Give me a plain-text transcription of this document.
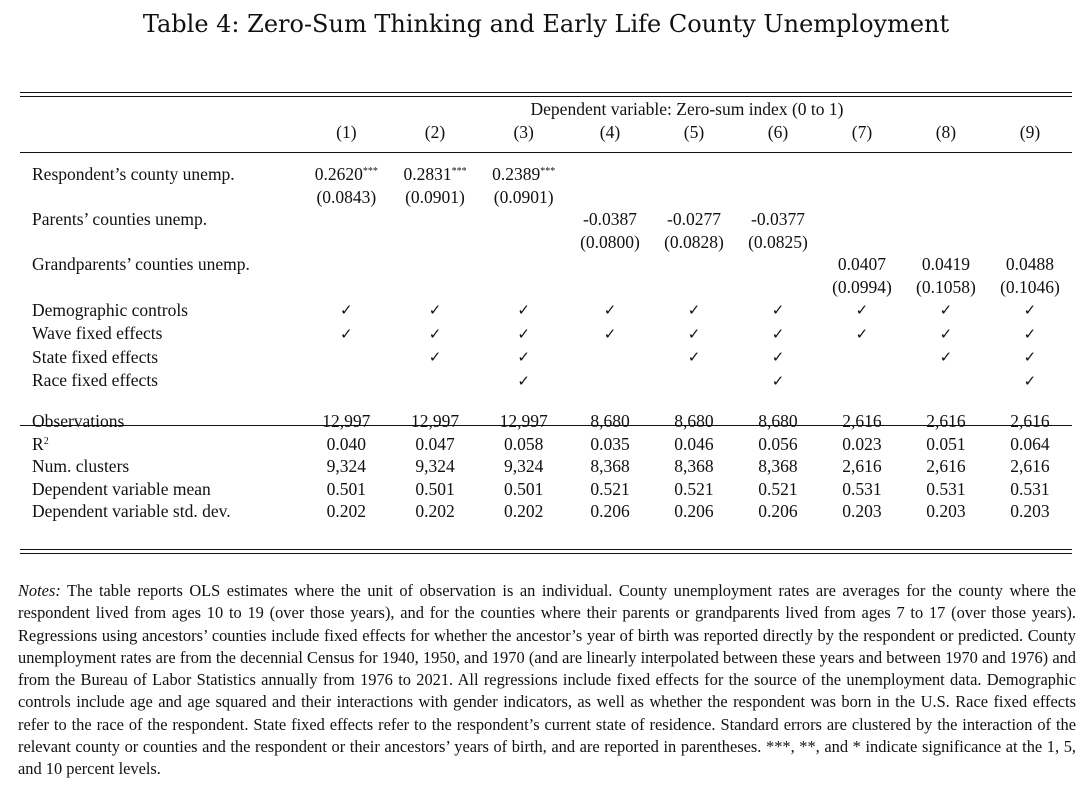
Table 4: Zero-Sum Thinking and Early Life County Unemployment
	Dependent variable: Zero-sum index (0 to 1)								
	(1)	(2)	(3)	(4)	(5)	(6)	(7)	(8)	(9)

Respondent’s county unemp.	0.2620***	0.2831***	0.2389***						
	(0.0843)	(0.0901)	(0.0901)						
Parents’ counties unemp.				-0.0387	-0.0277	-0.0377			
				(0.0800)	(0.0828)	(0.0825)			
Grandparents’ counties unemp.							0.0407	0.0419	0.0488
							(0.0994)	(0.1058)	(0.1046)
Demographic controls	✓	✓	✓	✓	✓	✓	✓	✓	✓
Wave fixed effects	✓	✓	✓	✓	✓	✓	✓	✓	✓
State fixed effects		✓	✓		✓	✓		✓	✓
Race fixed effects			✓			✓			✓

Observations	12,997	12,997	12,997	8,680	8,680	8,680	2,616	2,616	2,616
$R^2$	0.040	0.047	0.058	0.035	0.046	0.056	0.023	0.051	0.064
Num. clusters	9,324	9,324	9,324	8,368	8,368	8,368	2,616	2,616	2,616
Dependent variable mean	0.501	0.501	0.501	0.521	0.521	0.521	0.531	0.531	0.531
Dependent variable std. dev.	0.202	0.202	0.202	0.206	0.206	0.206	0.203	0.203	0.203
Notes: The table reports OLS estimates where the unit of observation is an individual. County unemployment rates are averages for the county where the respondent lived from ages 10 to 19 (over those years), and for the counties where their parents or grandparents lived from ages 7 to 17 (over those years). Regressions using ancestors’ counties include fixed effects for whether the ancestor’s year of birth was reported directly by the respondent or predicted. County unemployment rates are from the decennial Census for 1940, 1950, and 1970 (and are linearly interpolated between these years and between 1970 and 1976) and from the Bureau of Labor Statistics annually from 1976 to 2021. All regressions include fixed effects for the source of the unemployment data. Demographic controls include age and age squared and their interactions with gender indicators, as well as whether the respondent was born in the U.S. Race fixed effects refer to the race of the respondent. State fixed effects refer to the respondent’s current state of residence. Standard errors are clustered by the interaction of the relevant county or counties and the respondent or their ancestors’ years of birth, and are reported in parentheses. ***, **, and * indicate significance at the 1, 5, and 10 percent levels.
